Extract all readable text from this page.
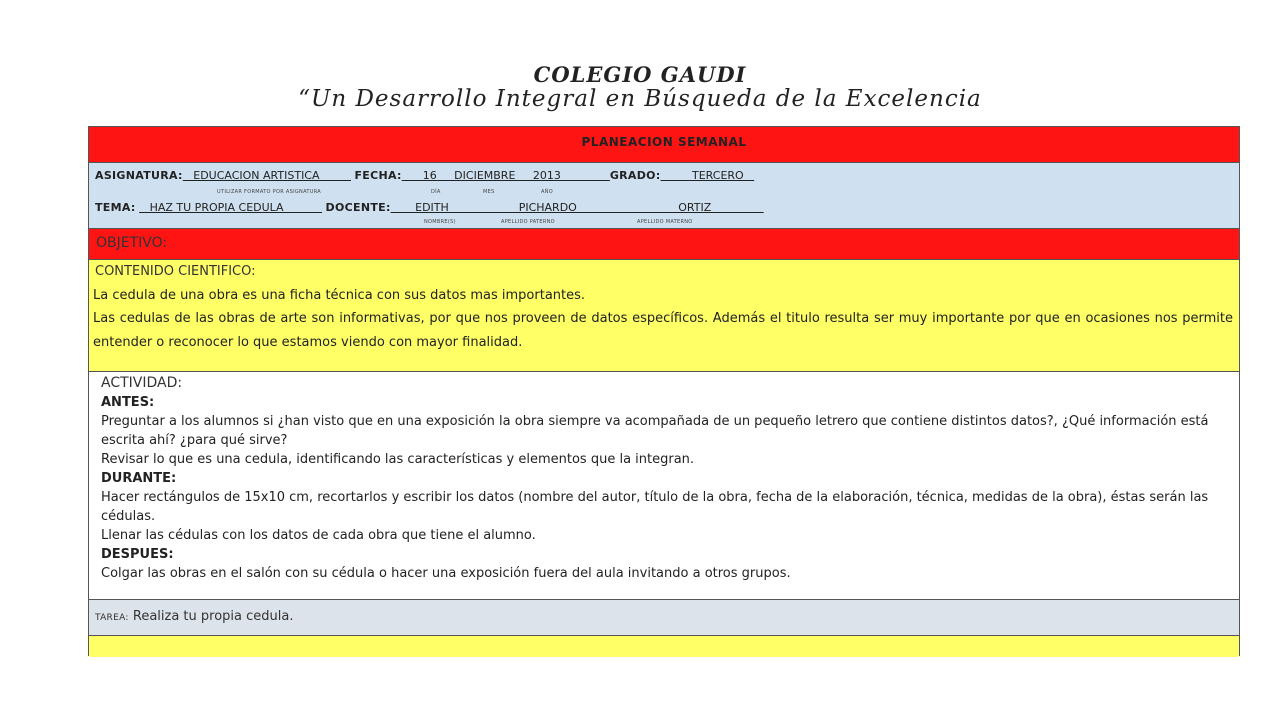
COLEGIO GAUDI
“Un Desarrollo Integral en Búsqueda de la Excelencia
PLANEACION SEMANAL
ASIGNATURA:   EDUCACION ARTISTICA          FECHA:      16     DICIEMBRE     2013              GRADO:         TERCERO
UTILIZAR FORMATO POR ASIGNATURA	DÍA	MES	AÑO
TEMA:    HAZ TU PROPIA CEDULA            DOCENTE:       EDITH                    PICHARDO                             ORTIZ
NOMBRE(S)	APELLIDO PATERNO	APELLIDO MATERNO
OBJETIVO:
CONTENIDO CIENTIFICO:
La cedula de una obra es una ficha técnica con sus datos mas importantes.
Las cedulas de las obras de arte son informativas, por que nos proveen de datos específicos. Además el titulo resulta ser muy importante por que en ocasiones nos permite entender o reconocer lo que estamos viendo con mayor finalidad.
ACTIVIDAD:
ANTES:
Preguntar a los alumnos si ¿han visto que en una exposición la obra siempre va acompañada de un pequeño letrero que contiene distintos datos?, ¿Qué información está escrita ahí? ¿para qué sirve?
Revisar lo que es una cedula, identificando las características y elementos que la integran.
DURANTE:
Hacer rectángulos de 15x10 cm, recortarlos y escribir los datos (nombre del autor, título de la obra, fecha de la elaboración, técnica, medidas de la obra), éstas serán las cédulas.
Llenar las cédulas con los datos de cada obra que tiene el alumno.
DESPUES:
Colgar las obras en el salón con su cédula o hacer una exposición fuera del aula invitando a otros grupos.
TAREA: Realiza tu propia cedula.
